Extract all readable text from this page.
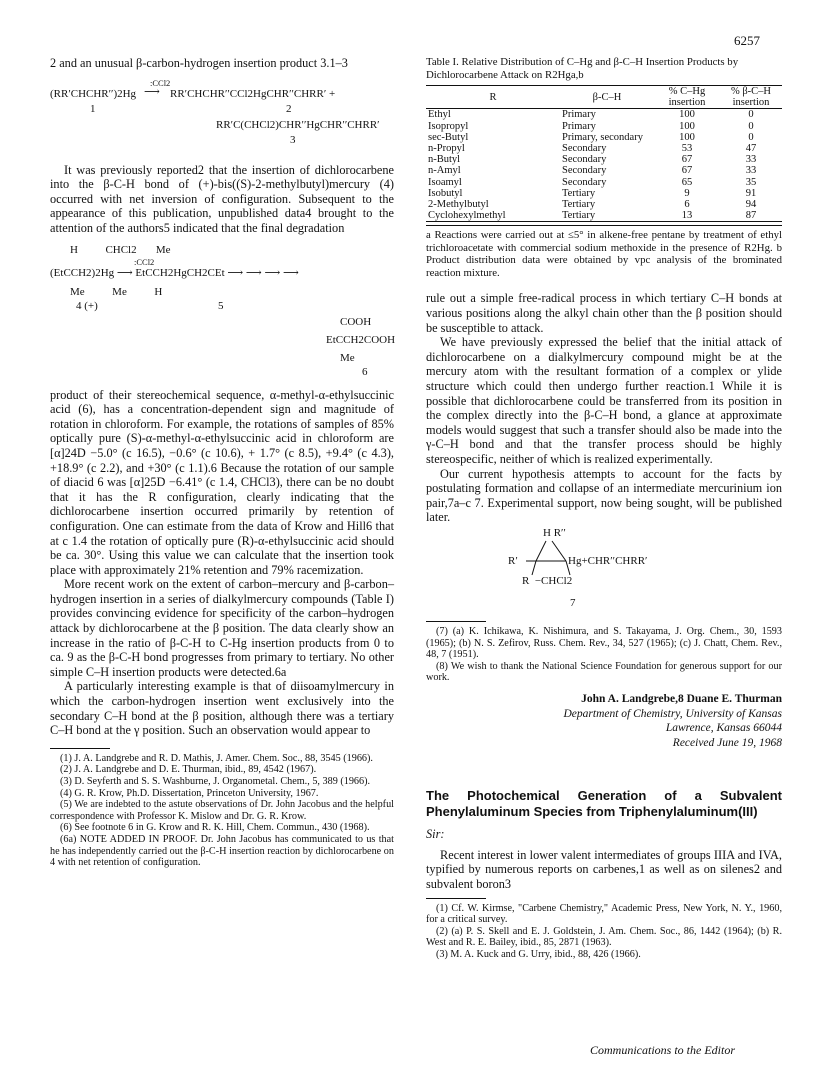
6257

2 and an unusual β-carbon-hydrogen insertion product 3.1–3

:CCl2
(RR′CHCHR′′)2Hg ⟶ RR′CHCHR′′CCl2HgCHR′′CHRR′ +
1	2
RR′C(CHCl2)CHR′′HgCHR′′CHRR′
3

It was previously reported2 that the insertion of dichlorocarbene into the β-C-H bond of (+)-bis((S)-2-methylbutyl)mercury (4) occurred with net inversion of configuration. Subsequent to the appearance of this publication, unpublished data4 brought to the attention of the authors5 indicated that the final degradation

H          CHCl2       Me
:CCl2
(EtCCH2)2Hg ⟶ EtCCH2HgCH2CEt ⟶ ⟶ ⟶ ⟶
Me          Me          H
4 (+)	5
COOH
EtCCH2COOH
Me
6

product of their stereochemical sequence, α-methyl-α-ethylsuccinic acid (6), has a concentration-dependent sign and magnitude of rotation in chloroform. For example, the rotations of samples of 85% optically pure (S)-α-methyl-α-ethylsuccinic acid in chloroform are [α]24D −5.0° (c 16.5), −0.6° (c 10.6), + 1.7° (c 8.5), +9.4° (c 4.3), +18.9° (c 2.2), and +30° (c 1.1).6 Because the rotation of our sample of diacid 6 was [α]25D −6.41° (c 1.4, CHCl3), there can be no doubt that it has the R configuration, clearly indicating that the dichlorocarbene insertion occurred primarily by retention of configuration. One can estimate from the data of Krow and Hill6 that at c 1.4 the rotation of optically pure (R)-α-ethylsuccinic acid should be ca. 30°. Using this value we can calculate that the insertion took place with approximately 21% retention and 79% racemization.

More recent work on the extent of carbon–mercury and β-carbon–hydrogen insertion in a series of dialkylmercury compounds (Table I) provides convincing evidence for specificity of the carbon–hydrogen attack by dichlorocarbene at the β position. The data clearly show an increase in the ratio of β-C-H to C-Hg insertion products from 0 to ca. 9 as the β-C-H bond progresses from primary to tertiary. No other simple C–H insertion products were detected.6a

A particularly interesting example is that of diisoamylmercury in which the carbon-hydrogen insertion went exclusively into the secondary C–H bond at the β position, although there was a tertiary C–H bond at the γ position. Such an observation would appear to

(1) J. A. Landgrebe and R. D. Mathis, J. Amer. Chem. Soc., 88, 3545 (1966).

(2) J. A. Landgrebe and D. E. Thurman, ibid., 89, 4542 (1967).

(3) D. Seyferth and S. S. Washburne, J. Organometal. Chem., 5, 389 (1966).

(4) G. R. Krow, Ph.D. Dissertation, Princeton University, 1967.

(5) We are indebted to the astute observations of Dr. John Jacobus and the helpful correspondence with Professor K. Mislow and Dr. G. R. Krow.

(6) See footnote 6 in G. Krow and R. K. Hill, Chem. Commun., 430 (1968).

(6a) NOTE ADDED IN PROOF. Dr. John Jacobus has communicated to us that he has independently carried out the β-C-H insertion reaction by dichlorocarbene on 4 with net retention of configuration.

Table I. Relative Distribution of C–Hg and β-C–H Insertion Products by Dichlorocarbene Attack on R2Hga,b
R	β-C–H	% C–Hg insertion	% β-C–H insertion
Ethyl	Primary	100	0
Isopropyl	Primary	100	0
sec-Butyl	Primary, secondary	100	0
n-Propyl	Secondary	53	47
n-Butyl	Secondary	67	33
n-Amyl	Secondary	67	33
Isoamyl	Secondary	65	35
Isobutyl	Tertiary	9	91
2-Methylbutyl	Tertiary	6	94
Cyclohexylmethyl	Tertiary	13	87
a Reactions were carried out at ≤5° in alkene-free pentane by treatment of ethyl trichloroacetate with commercial sodium methoxide in the presence of R2Hg. b Product distribution data were obtained by vpc analysis of the brominated reaction mixture.

rule out a simple free-radical process in which tertiary C–H bonds at various positions along the alkyl chain other than the β position should be susceptible to attack.

We have previously expressed the belief that the initial attack of dichlorocarbene on a dialkylmercury compound might be at the mercury atom with the resultant formation of a complex or ylide structure which could then undergo further reaction.1 While it is possible that dichlorocarbene could be transferred from its position in the complex directly into the β-C–H bond, a glance at approximate models would suggest that such a transfer should also be made into the γ-C–H bond and that the transfer process should be highly stereospecific, neither of which is realized experimentally.

Our current hypothesis attempts to account for the facts by postulating formation and collapse of an intermediate mercurinium ion pair,7a–c 7. Experimental support, now being sought, will be published later.

H R′′
R′	Hg+CHR′′CHRR′
R  −CHCl2
7

(7) (a) K. Ichikawa, K. Nishimura, and S. Takayama, J. Org. Chem., 30, 1593 (1965); (b) N. S. Zefirov, Russ. Chem. Rev., 34, 527 (1965); (c) J. Chatt, Chem. Rev., 48, 7 (1951).

(8) We wish to thank the National Science Foundation for generous support for our work.

John A. Landgrebe,8 Duane E. Thurman
Department of Chemistry, University of Kansas
Lawrence, Kansas 66044
Received June 19, 1968
The Photochemical Generation of a Subvalent Phenylaluminum Species from Triphenylaluminum(III)
Sir:

Recent interest in lower valent intermediates of groups IIIA and IVA, typified by numerous reports on carbenes,1 as well as on silenes2 and subvalent boron3

(1) Cf. W. Kirmse, "Carbene Chemistry," Academic Press, New York, N. Y., 1960, for a critical survey.

(2) (a) P. S. Skell and E. J. Goldstein, J. Am. Chem. Soc., 86, 1442 (1964); (b) R. West and R. E. Bailey, ibid., 85, 2871 (1963).

(3) M. A. Kuck and G. Urry, ibid., 88, 426 (1966).

Communications to the Editor
